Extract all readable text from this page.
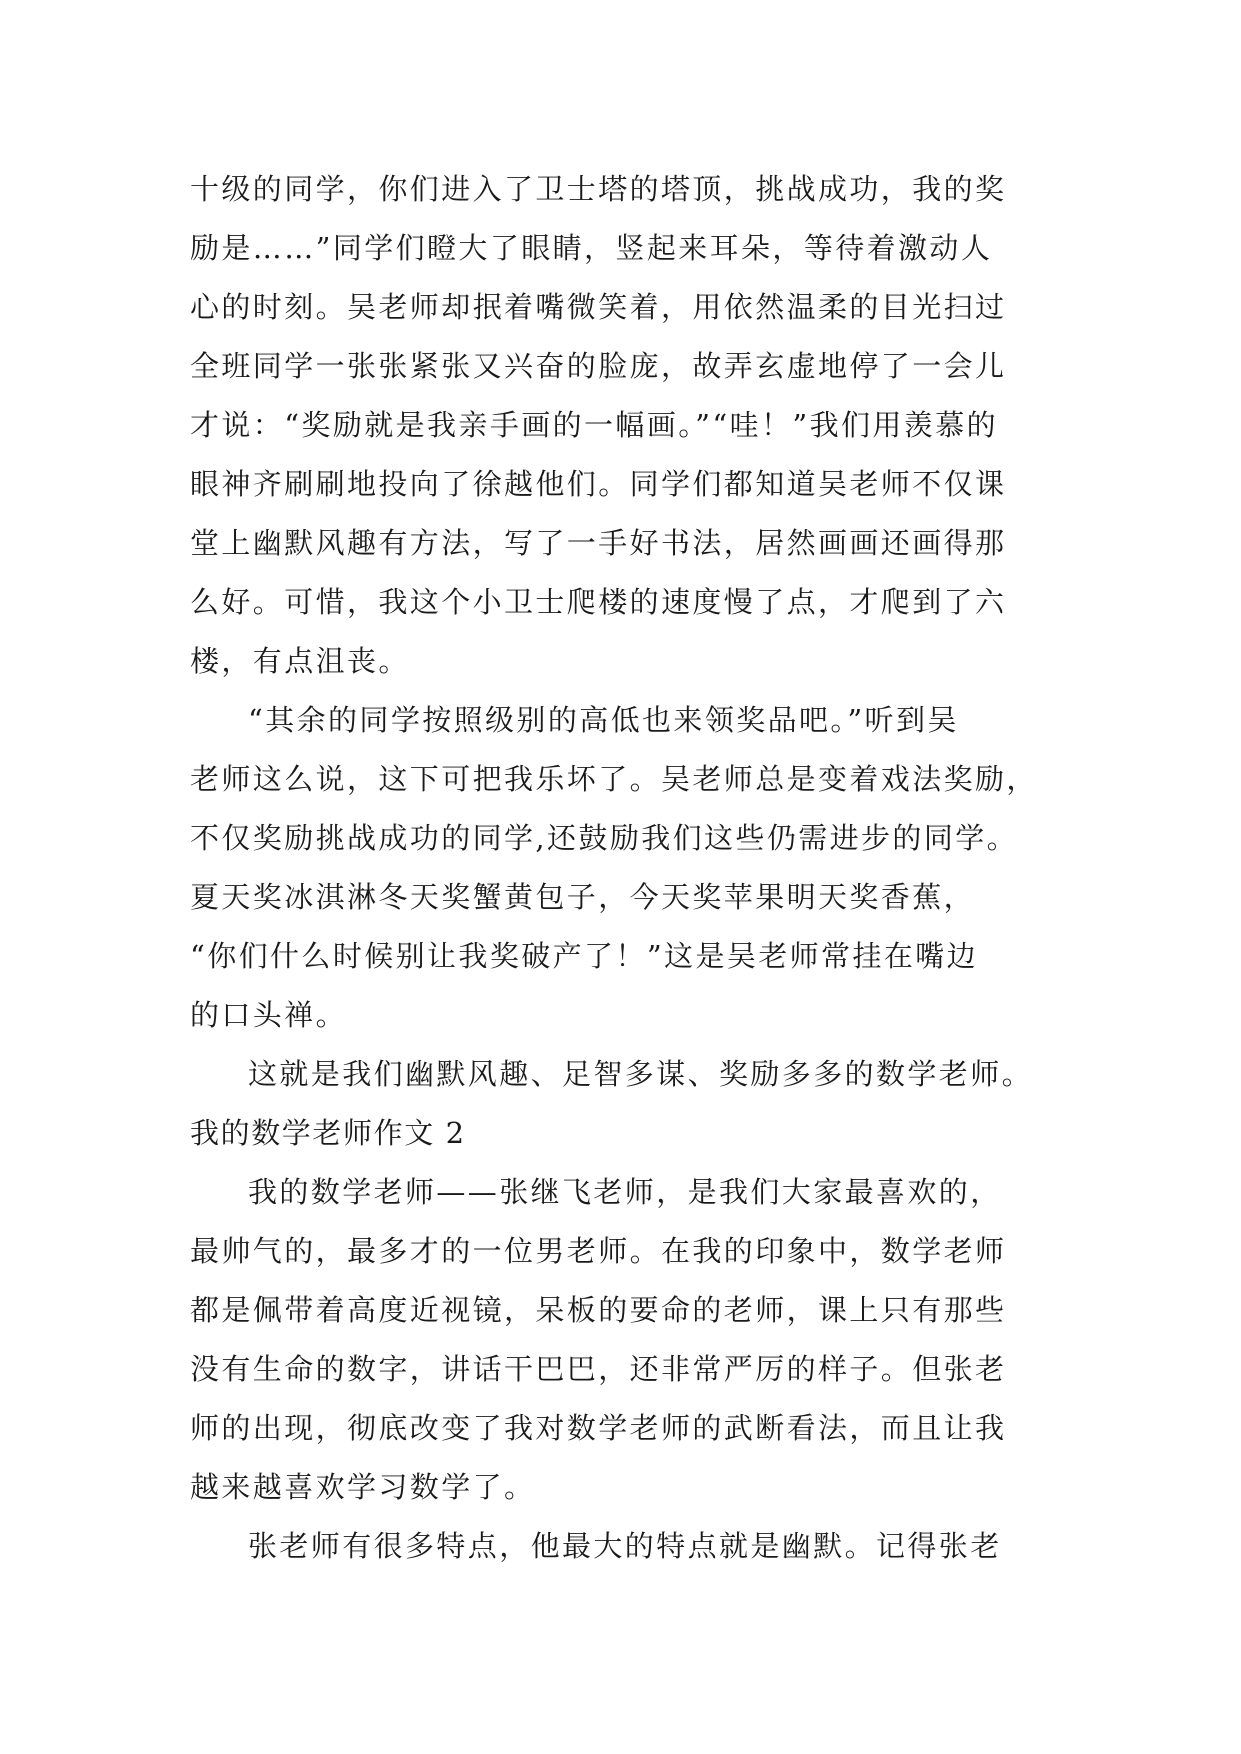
十级的同学，你们进入了卫士塔的塔顶，挑战成功，我的奖
励是……”同学们瞪大了眼睛，竖起来耳朵，等待着激动人
心的时刻。吴老师却抿着嘴微笑着，用依然温柔的目光扫过
全班同学一张张紧张又兴奋的脸庞，故弄玄虚地停了一会儿
才说：“奖励就是我亲手画的一幅画。”“哇！”我们用羡慕的
眼神齐刷刷地投向了徐越他们。同学们都知道吴老师不仅课
堂上幽默风趣有方法，写了一手好书法，居然画画还画得那
么好。可惜，我这个小卫士爬楼的速度慢了点，才爬到了六
楼，有点沮丧。
“其余的同学按照级别的高低也来领奖品吧。”听到吴
老师这么说，这下可把我乐坏了。吴老师总是变着戏法奖励，
不仅奖励挑战成功的同学,还鼓励我们这些仍需进步的同学。
夏天奖冰淇淋冬天奖蟹黄包子，今天奖苹果明天奖香蕉，
“你们什么时候别让我奖破产了！”这是吴老师常挂在嘴边
的口头禅。
这就是我们幽默风趣、足智多谋、奖励多多的数学老师。
我的数学老师作文 2
我的数学老师——张继飞老师，是我们大家最喜欢的，
最帅气的，最多才的一位男老师。在我的印象中，数学老师
都是佩带着高度近视镜，呆板的要命的老师，课上只有那些
没有生命的数字，讲话干巴巴，还非常严厉的样子。但张老
师的出现，彻底改变了我对数学老师的武断看法，而且让我
越来越喜欢学习数学了。
张老师有很多特点，他最大的特点就是幽默。记得张老
